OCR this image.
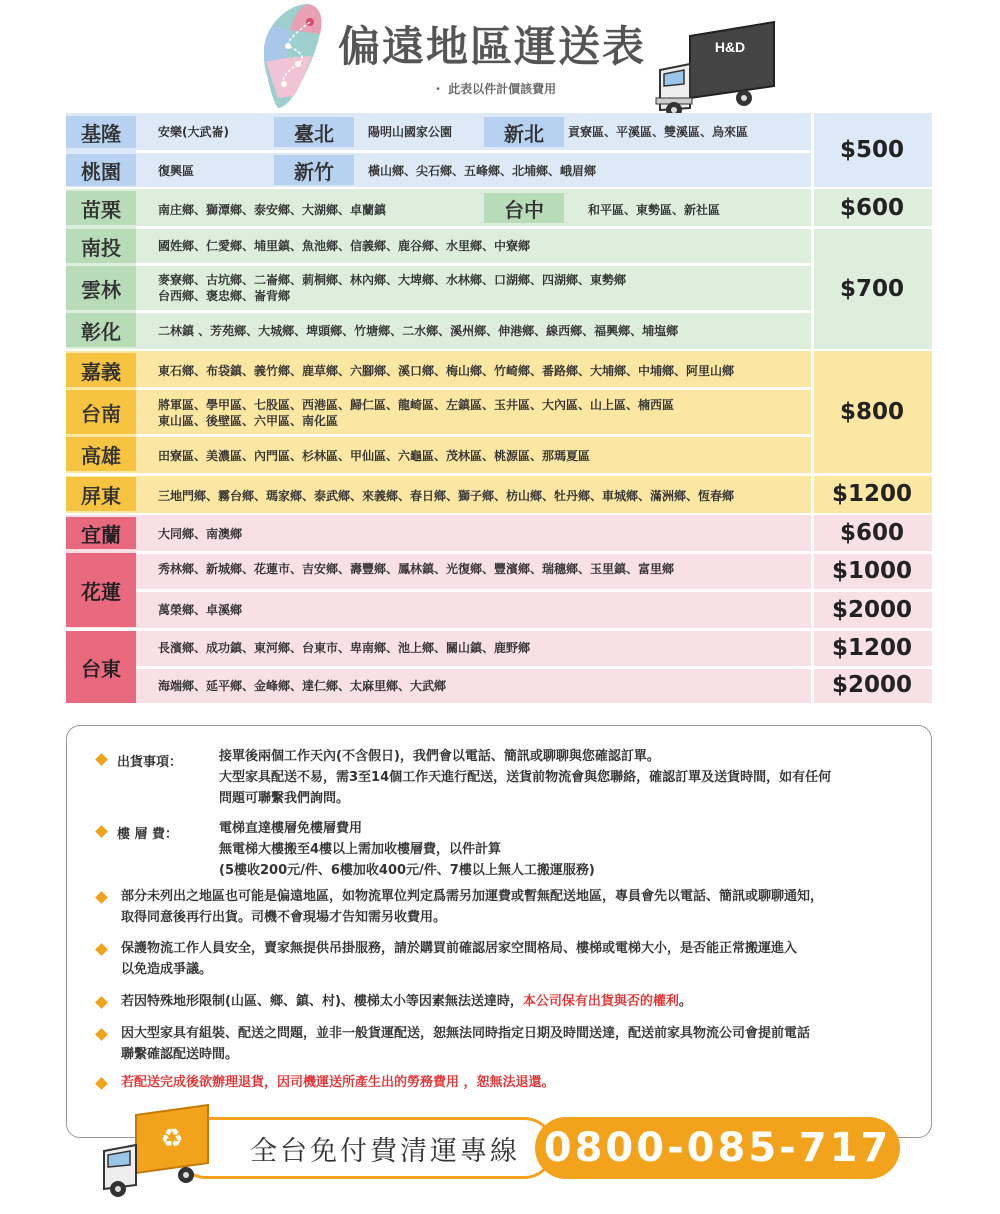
偏遠地區運送表
・ 此表以件計價該費用
H&D
基隆	安樂(大武崙)	臺北	陽明山國家公園	新北	貢寮區、平溪區、雙溪區、烏來區
桃園	復興區	新竹	橫山鄉、尖石鄉、五峰鄉、北埔鄉、峨眉鄉
$500
苗栗	南庄鄉、獅潭鄉、泰安鄉、大湖鄉、卓蘭鎮	台中	和平區、東勢區、新社區	$600
南投	國姓鄉、仁愛鄉、埔里鎮、魚池鄉、信義鄉、鹿谷鄉、水里鄉、中寮鄉
雲林	麥寮鄉、古坑鄉、二崙鄉、莿桐鄉、林內鄉、大埤鄉、水林鄉、口湖鄉、四湖鄉、東勢鄉
台西鄉、褒忠鄉、崙背鄉
彰化	二林鎮 、芳苑鄉、大城鄉、埤頭鄉、竹塘鄉、二水鄉、溪州鄉、伸港鄉、線西鄉、福興鄉、埔塩鄉
$700
嘉義	東石鄉、布袋鎮、義竹鄉、鹿草鄉、六腳鄉、溪口鄉、梅山鄉、竹崎鄉、番路鄉、大埔鄉、中埔鄉、阿里山鄉
台南	將軍區、學甲區、七股區、西港區、歸仁區、龍崎區、左鎮區、玉井區、大內區、山上區、楠西區
東山區、後壁區、六甲區、南化區
高雄	田寮區、美濃區、內門區、杉林區、甲仙區、六龜區、茂林區、桃源區、那瑪夏區
$800
屏東	三地門鄉、霧台鄉、瑪家鄉、泰武鄉、來義鄉、春日鄉、獅子鄉、枋山鄉、牡丹鄉、車城鄉、滿洲鄉、恆春鄉	$1200
宜蘭	大同鄉、南澳鄉	$600
花蓮
秀林鄉、新城鄉、花蓮市、吉安鄉、壽豐鄉、鳳林鎮、光復鄉、豐濱鄉、瑞穗鄉、玉里鎮、富里鄉	$1000
萬榮鄉、卓溪鄉	$2000
台東
長濱鄉、成功鎮、東河鄉、台東市、卑南鄉、池上鄉、關山鎮、鹿野鄉	$1200
海端鄉、延平鄉、金峰鄉、達仁鄉、太麻里鄉、大武鄉	$2000
出貨事項：	接單後兩個工作天內(不含假日)，我們會以電話、簡訊或聊聊與您確認訂單。
大型家具配送不易，需3至14個工作天進行配送，送貨前物流會與您聯絡，確認訂單及送貨時間，如有任何
問題可聯繫我們詢問。
樓 層 費：	電梯直達樓層免樓層費用
無電梯大樓搬至4樓以上需加收樓層費，以件計算
(5樓收200元/件、6樓加收400元/件、7樓以上無人工搬運服務)
部分未列出之地區也可能是偏遠地區，如物流單位判定爲需另加運費或暫無配送地區，專員會先以電話、簡訊或聊聊通知，
取得同意後再行出貨。司機不會現場才告知需另收費用。
保護物流工作人員安全，賣家無提供吊掛服務，請於購買前確認居家空間格局、樓梯或電梯大小，是否能正常搬運進入
以免造成爭議。
若因特殊地形限制(山區、鄉、鎮、村)、樓梯太小等因素無法送達時，本公司保有出貨與否的權利。
因大型家具有組裝、配送之問題，並非一般貨運配送，恕無法同時指定日期及時間送達，配送前家具物流公司會提前電話
聯繫確認配送時間。
若配送完成後欲辦理退貨，因司機運送所產生出的勞務費用 ，恕無法退還。
全台免付費清運專線 0800-085-717
♻
